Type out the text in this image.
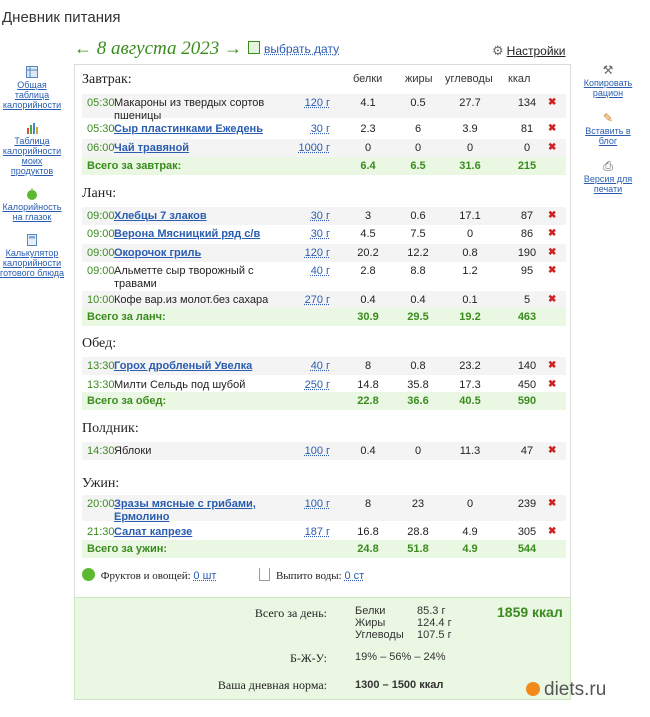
Дневник питания
← 8 августа 2023 →	выбрать дату	⚙ Настройки
Общая таблица калорийности
Таблица калорийности моих продуктов
Калорийность на глазок
Калькулятор калорийности готового блюда
⚒
Копировать рацион
✎
Вставить в блог
⎙
Версия для печати
белки жиры углеводы ккал
Завтрак:
05:30 Макароны из твердых сортов пшеницы
120 г	4.1	0.5	27.7	134	✖
05:30 Сыр пластинками Ежедень	30 г	2.3	6	3.9	81	✖
06:00 Чай травяной	1000 г	0	0	0	0	✖
Всего за завтрак:	6.4	6.5	31.6	215
Ланч:
09:00 Хлебцы 7 злаков	30 г	3	0.6	17.1	87	✖
09:00 Верона Мясницкий ряд с/в	30 г	4.5	7.5	0	86	✖
09:00 Окорочок гриль	120 г	20.2	12.2	0.8	190	✖
09:00 Альметте сыр творожный с травами
40 г	2.8	8.8	1.2	95	✖
10:00 Кофе вар.из молот.без сахара	270 г	0.4	0.4	0.1	5	✖
Всего за ланч:	30.9	29.5	19.2	463
Обед:
13:30 Горох дробленый Увелка	40 г	8	0.8	23.2	140	✖
13:30 Милти Сельдь под шубой	250 г	14.8	35.8	17.3	450	✖
Всего за обед:	22.8	36.6	40.5	590
Полдник:
14:30 Яблоки	100 г	0.4	0	11.3	47	✖
Ужин:
20:00 Зразы мясные с грибами, Ермолино
100 г	8	23	0	239	✖
21:30 Салат капрезе	187 г	16.8	28.8	4.9	305	✖
Всего за ужин:	24.8	51.8	4.9	544
Фруктов и овощей: 0 шт	Выпито воды: 0 ст
Всего за день:	Белки	85.3 г
Жиры	124.4 г
Углеводы 107.5 г
1859 ккал
Б-Ж-У:	19% – 56% – 24%
Ваша дневная норма:	1300 – 1500 ккал	diets.ru
